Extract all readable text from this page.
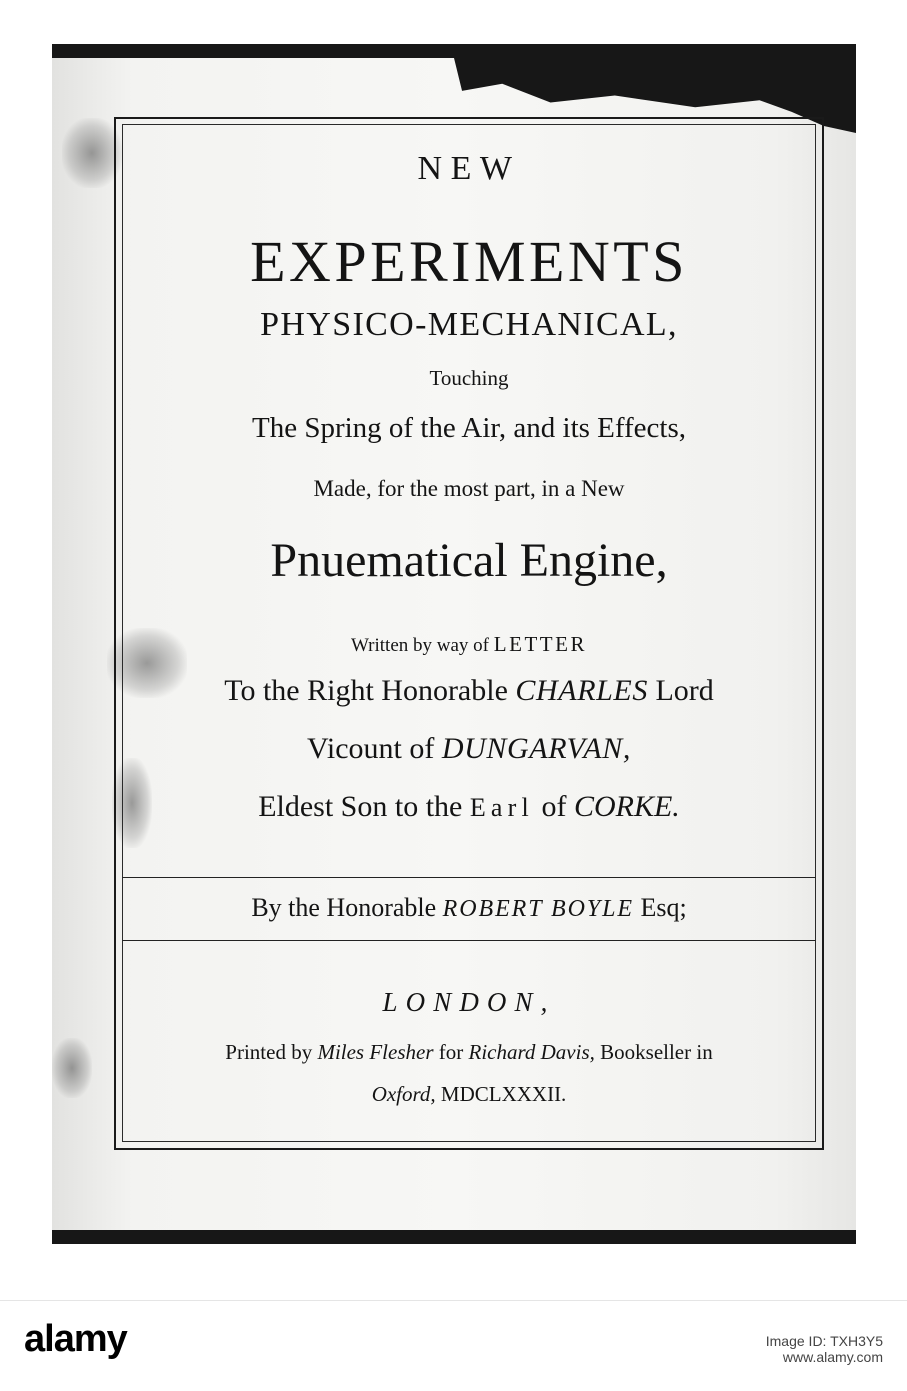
NEW

EXPERIMENTS

PHYSICO-MECHANICAL,

Touching

The Spring of the Air, and its Effects,

Made, for the most part, in a New

Pnuematical Engine,

Written by way of LETTER

To the Right Honorable CHARLES Lord

Vicount of DUNGARVAN,

Eldest Son to the Earl of CORKE.

By the Honorable ROBERT BOYLE Esq;

LONDON,

Printed by Miles Flesher for Richard Davis, Bookseller in

Oxford, MDCLXXXII.

alamy	Image ID: TXH3Y5
www.alamy.com
